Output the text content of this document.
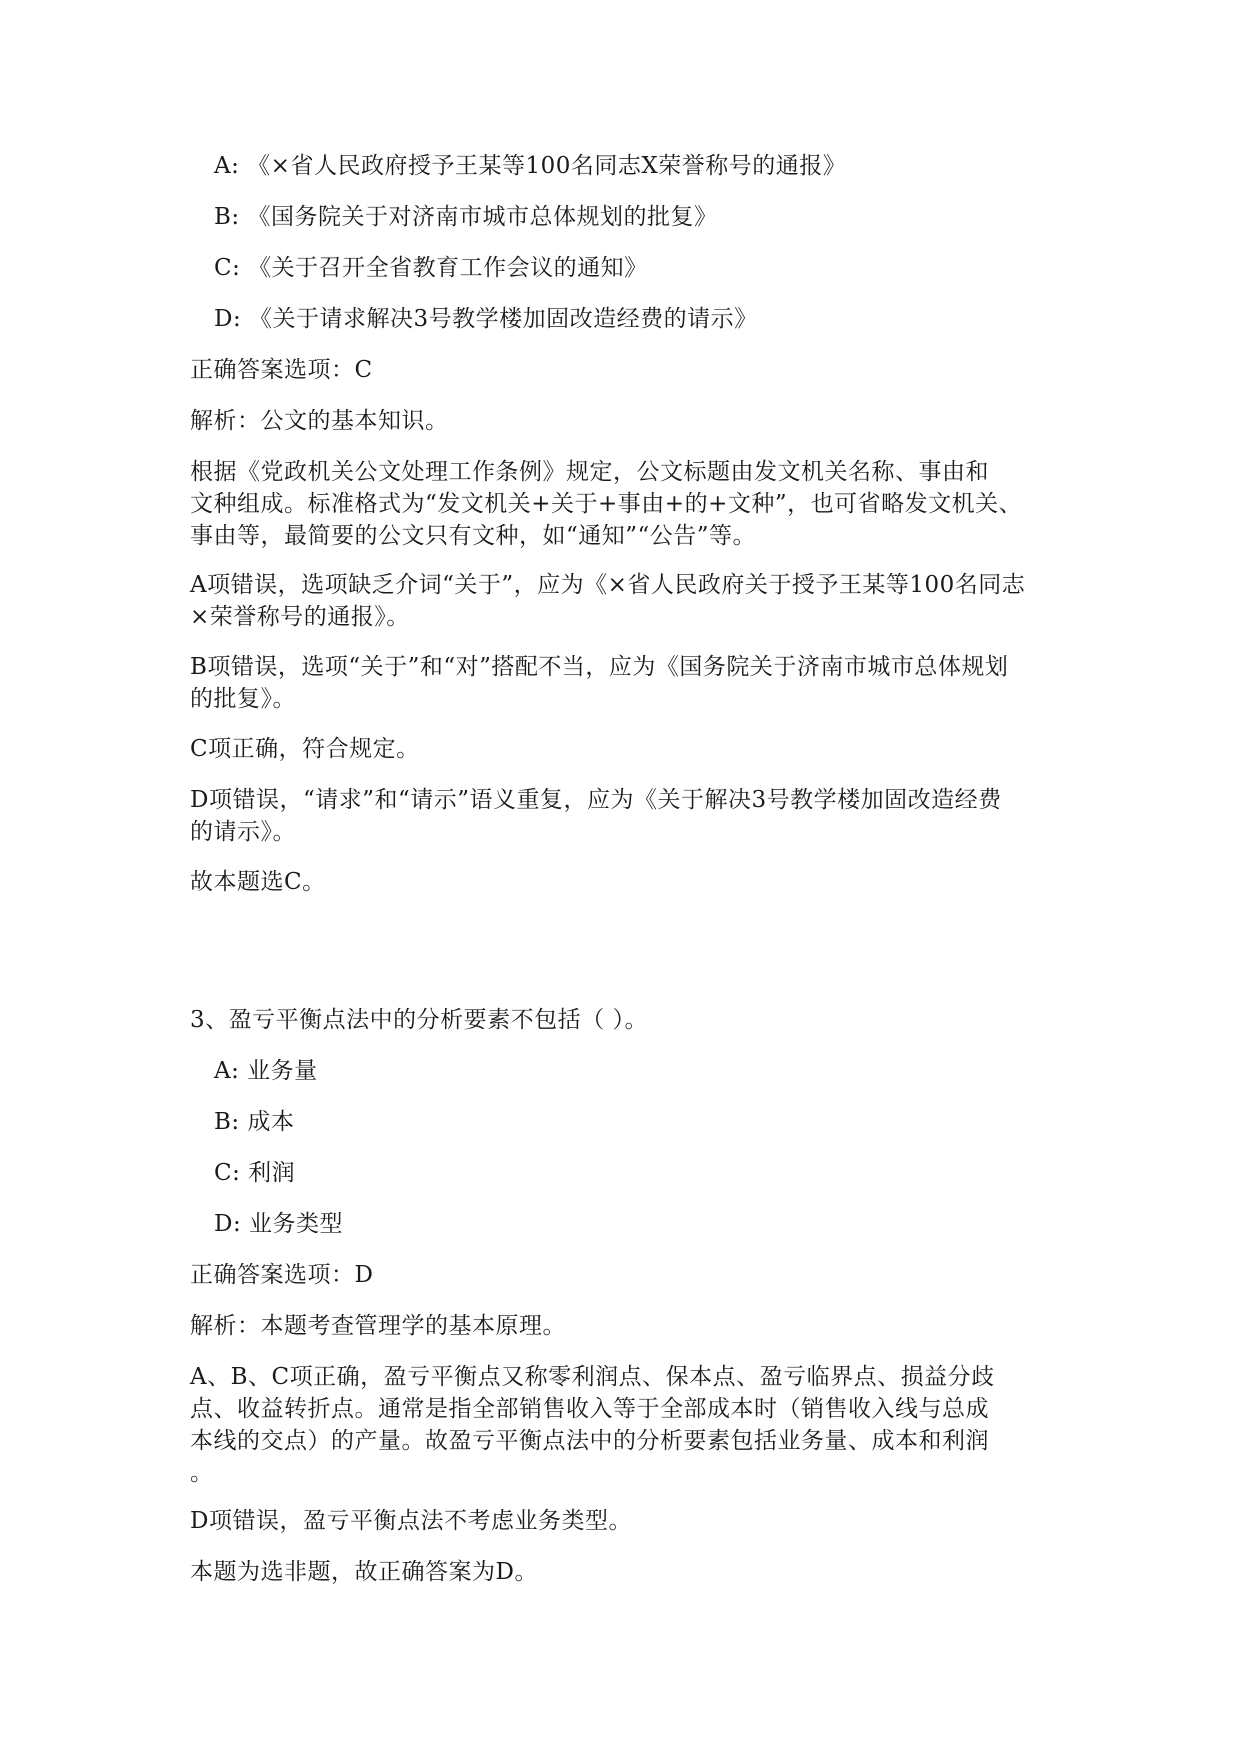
A: 《×省人民政府授予王某等100名同志X荣誉称号的通报》
B: 《国务院关于对济南市城市总体规划的批复》
C: 《关于召开全省教育工作会议的通知》
D: 《关于请求解决3号教学楼加固改造经费的请示》
正确答案选项：C
解析：公文的基本知识。
根据《党政机关公文处理工作条例》规定，公文标题由发文机关名称、事由和
文种组成。标准格式为“发文机关+关于+事由+的+文种”，也可省略发文机关、
事由等，最简要的公文只有文种，如“通知”“公告”等。
A项错误，选项缺乏介词“关于”，应为《×省人民政府关于授予王某等100名同志
×荣誉称号的通报》。
B项错误，选项“关于”和“对”搭配不当，应为《国务院关于济南市城市总体规划
的批复》。
C项正确，符合规定。
D项错误，“请求”和“请示”语义重复，应为《关于解决3号教学楼加固改造经费
的请示》。
故本题选C。
3、盈亏平衡点法中的分析要素不包括（ ）。
A: 业务量
B: 成本
C: 利润
D: 业务类型
正确答案选项：D
解析：本题考查管理学的基本原理。
A、B、C项正确，盈亏平衡点又称零利润点、保本点、盈亏临界点、损益分歧
点、收益转折点。通常是指全部销售收入等于全部成本时（销售收入线与总成
本线的交点）的产量。故盈亏平衡点法中的分析要素包括业务量、成本和利润
。
D项错误，盈亏平衡点法不考虑业务类型。
本题为选非题，故正确答案为D。
